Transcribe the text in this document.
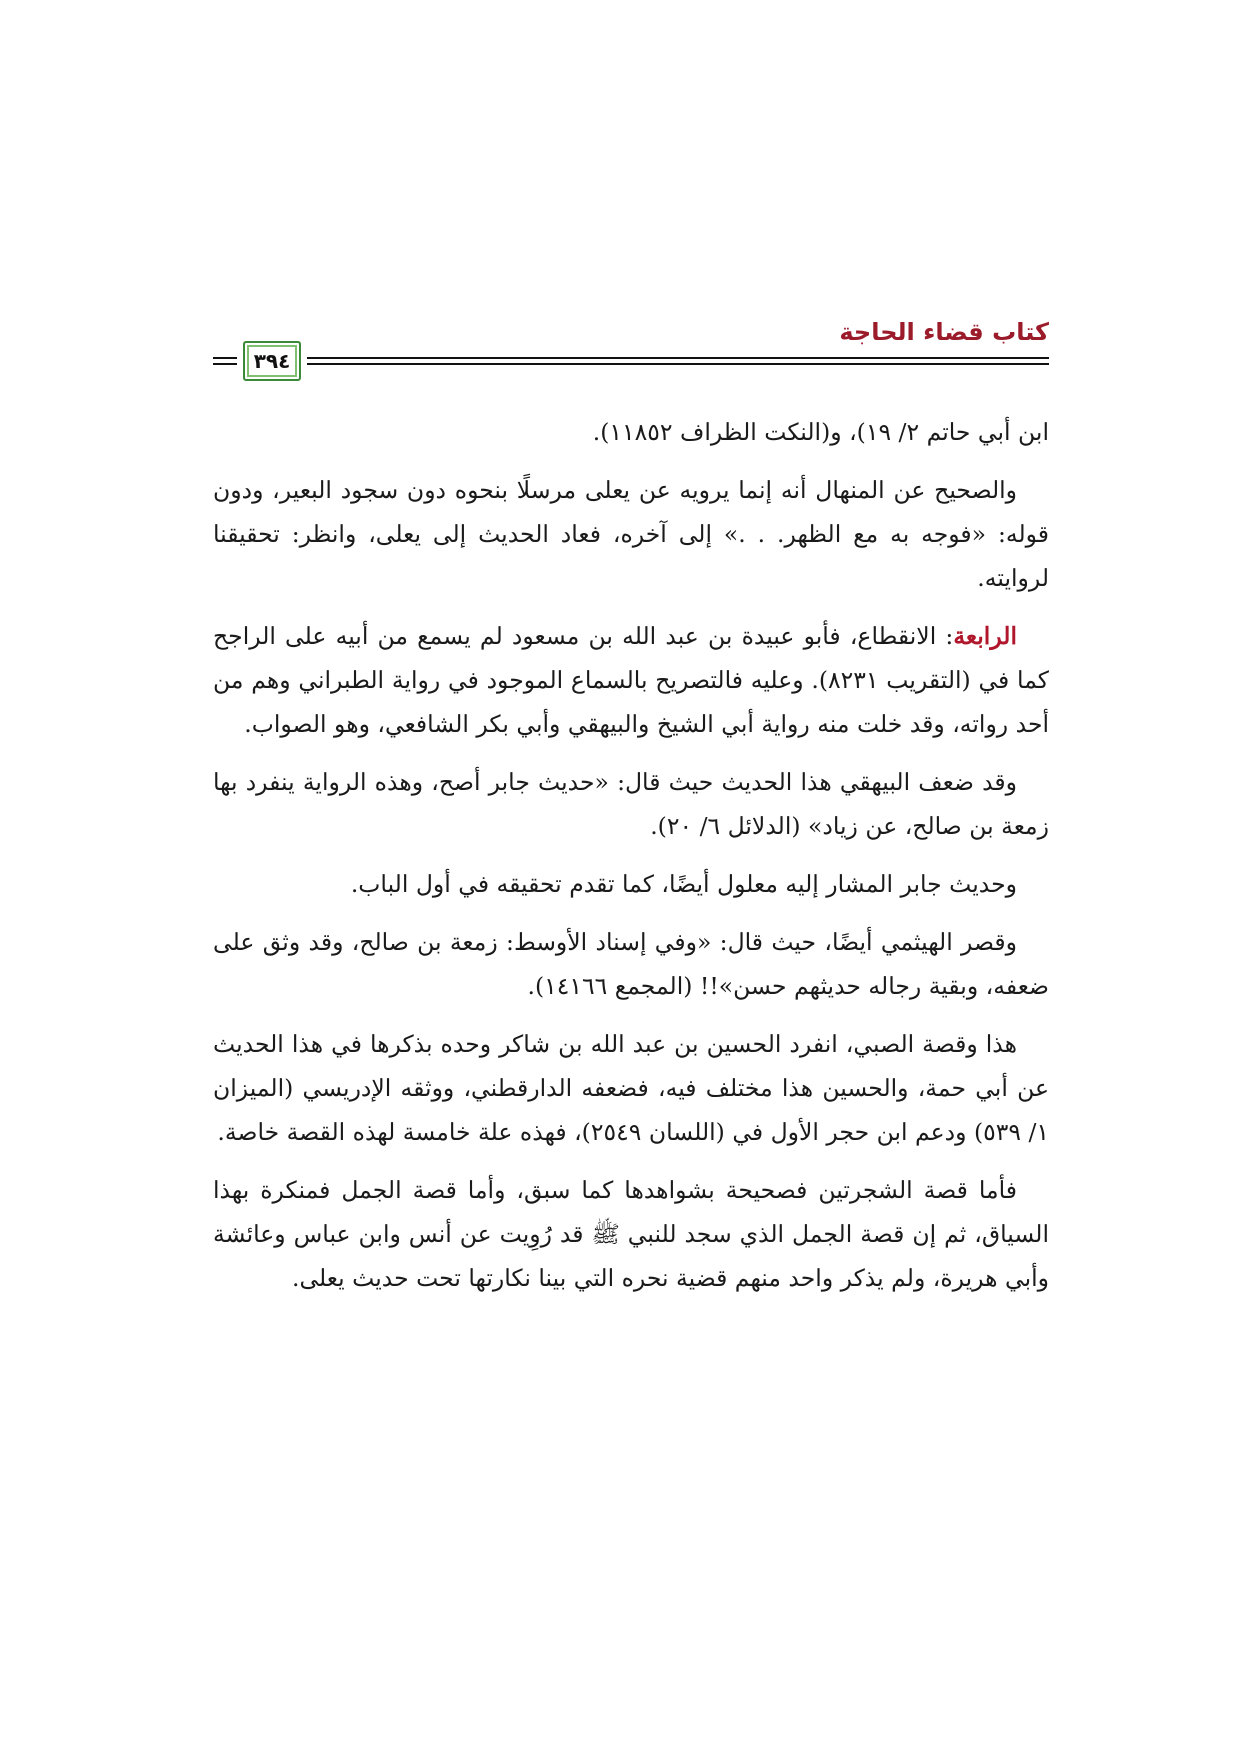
كتاب قضاء الحاجة
٣٩٤

ابن أبي حاتم ٢/ ١٩)، و(النكت الظراف ١١٨٥٢).

والصحيح عن المنهال أنه إنما يرويه عن يعلى مرسلًا بنحوه دون سجود البعير، ودون قوله: «فوجه به مع الظهر. . .» إلى آخره، فعاد الحديث إلى يعلى، وانظر: تحقيقنا لروايته.

الرابعة: الانقطاع، فأبو عبيدة بن عبد الله بن مسعود لم يسمع من أبيه على الراجح كما في (التقريب ٨٢٣١). وعليه فالتصريح بالسماع الموجود في رواية الطبراني وهم من أحد رواته، وقد خلت منه رواية أبي الشيخ والبيهقي وأبي بكر الشافعي، وهو الصواب.

وقد ضعف البيهقي هذا الحديث حيث قال: «حديث جابر أصح، وهذه الرواية ينفرد بها زمعة بن صالح، عن زياد» (الدلائل ٦/ ٢٠).

وحديث جابر المشار إليه معلول أيضًا، كما تقدم تحقيقه في أول الباب.

وقصر الهيثمي أيضًا، حيث قال: «وفي إسناد الأوسط: زمعة بن صالح، وقد وثق على ضعفه، وبقية رجاله حديثهم حسن»!! (المجمع ١٤١٦٦).

هذا وقصة الصبي، انفرد الحسين بن عبد الله بن شاكر وحده بذكرها في هذا الحديث عن أبي حمة، والحسين هذا مختلف فيه، فضعفه الدارقطني، ووثقه الإدريسي (الميزان ١/ ٥٣٩) ودعم ابن حجر الأول في (اللسان ٢٥٤٩)، فهذه علة خامسة لهذه القصة خاصة.

فأما قصة الشجرتين فصحيحة بشواهدها كما سبق، وأما قصة الجمل فمنكرة بهذا السياق، ثم إن قصة الجمل الذي سجد للنبي ﷺ قد رُوِيت عن أنس وابن عباس وعائشة وأبي هريرة، ولم يذكر واحد منهم قضية نحره التي بينا نكارتها تحت حديث يعلى.
